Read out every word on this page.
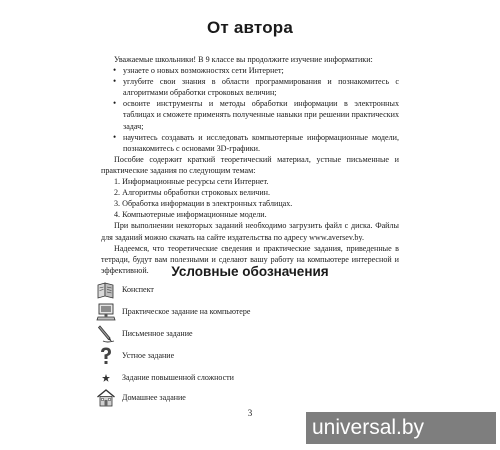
От автора

Уважаемые школьники! В 9 классе вы продолжите изучение информатики:

• узнаете о новых возможностях сети Интернет;
• углубите свои знания в области программирования и познакомитесь с алгоритмами обработки строковых величин;
• освоите инструменты и методы обработки информации в электронных таблицах и сможете применять полученные навыки при решении практических задач;
• научитесь создавать и исследовать компьютерные информационные модели, познакомитесь с основами 3D-графики.

Пособие содержит краткий теоретический материал, устные письменные и практические задания по следующим темам:

1. Информационные ресурсы сети Интернет.
2. Алгоритмы обработки строковых величин.
3. Обработка информации в электронных таблицах.
4. Компьютерные информационные модели.

При выполнении некоторых заданий необходимо загрузить файл с диска. Файлы для заданий можно скачать на сайте издательства по адресу www.aversev.by.

Надеемся, что теоретические сведения и практические задания, приведенные в тетради, будут вам полезными и сделают вашу работу на компьютере интересной и эффективной.	Условные обозначения
Конспект
Практическое задание на компьютере
Письменное задание
Устное задание
Задание повышенной сложности
Домашнее задание
3
universal.by
